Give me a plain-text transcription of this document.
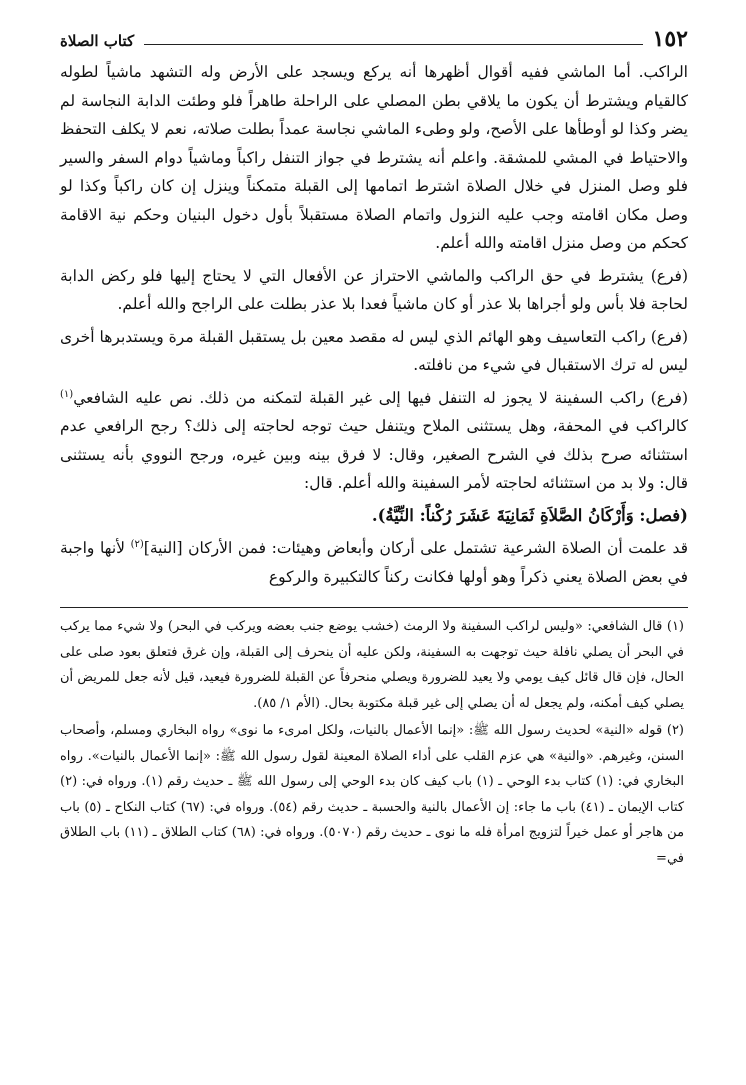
١٥٢
كتاب الصلاة

الراكب. أما الماشي ففيه أقوال أظهرها أنه يركع ويسجد على الأرض وله التشهد ماشياً لطوله كالقيام ويشترط أن يكون ما يلاقي بطن المصلي على الراحلة طاهراً فلو وطئت الدابة النجاسة لم يضر وكذا لو أوطأها على الأصح، ولو وطىء الماشي نجاسة عمداً بطلت صلاته، نعم لا يكلف التحفظ والاحتياط في المشي للمشقة. واعلم أنه يشترط في جواز التنفل راكباً وماشياً دوام السفر والسير فلو وصل المنزل في خلال الصلاة اشترط اتمامها إلى القبلة متمكناً وينزل إن كان راكباً وكذا لو وصل مكان اقامته وجب عليه النزول واتمام الصلاة مستقبلاً بأول دخول البنيان وحكم نية الاقامة كحكم من وصل منزل اقامته والله أعلم.

(فرع) يشترط في حق الراكب والماشي الاحتراز عن الأفعال التي لا يحتاج إليها فلو ركض الدابة لحاجة فلا بأس ولو أجراها بلا عذر أو كان ماشياً فعدا بلا عذر بطلت على الراجح والله أعلم.

(فرع) راكب التعاسيف وهو الهائم الذي ليس له مقصد معين بل يستقبل القبلة مرة ويستدبرها أخرى ليس له ترك الاستقبال في شيء من نافلته.

(فرع) راكب السفينة لا يجوز له التنفل فيها إلى غير القبلة لتمكنه من ذلك. نص عليه الشافعي$^{(١)}$ كالراكب في المحفة، وهل يستثنى الملاح ويتنفل حيث توجه لحاجته إلى ذلك؟ رجح الرافعي عدم استثنائه صرح بذلك في الشرح الصغير، وقال: لا فرق بينه وبين غيره، ورجح النووي بأنه يستثنى قال: ولا بد من استثنائه لحاجته لأمر السفينة والله أعلم. قال:

(فصل: وَأَرْكَانُ الصَّلاَةِ ثَمَانِيَةَ عَشَرَ رُكْناً: النِّيَّةُ).

قد علمت أن الصلاة الشرعية تشتمل على أركان وأبعاض وهيئات: فمن الأركان [النية]$^{(٢)}$ لأنها واجبة في بعض الصلاة يعني ذكراً وهو أولها فكانت ركناً كالتكبيرة والركوع

(١) قال الشافعي: «وليس لراكب السفينة ولا الرمث (خشب يوضع جنب بعضه ويركب في البحر) ولا شيء مما يركب في البحر أن يصلي نافلة حيث توجهت به السفينة، ولكن عليه أن ينحرف إلى القبلة، وإن غرق فتعلق بعود صلى على الحال، فإن قال قائل كيف يومي ولا يعيد للضرورة ويصلي منحرفاً عن القبلة للضرورة فيعيد، قيل لأنه جعل للمريض أن يصلي كيف أمكنه، ولم يجعل له أن يصلي إلى غير قبلة مكتوبة بحال. (الأم ١/ ٨٥).

(٢) قوله «النية» لحديث رسول الله ﷺ: «إنما الأعمال بالنيات، ولكل امرىء ما نوى» رواه البخاري ومسلم، وأصحاب السنن، وغيرهم. «والنية» هي عزم القلب على أداء الصلاة المعينة لقول رسول الله ﷺ: «إنما الأعمال بالنيات». رواه البخاري في: (١) كتاب بدء الوحي ـ (١) باب كيف كان بدء الوحي إلى رسول الله ﷺ ـ حديث رقم (١). ورواه في: (٢) كتاب الإيمان ـ (٤١) باب ما جاء: إن الأعمال بالنية والحسبة ـ حديث رقم (٥٤). ورواه في: (٦٧) كتاب النكاح ـ (٥) باب من هاجر أو عمل خيراً لتزويج امرأة فله ما نوى ـ حديث رقم (٥٠٧٠). ورواه في: (٦٨) كتاب الطلاق ـ (١١) باب الطلاق في=
